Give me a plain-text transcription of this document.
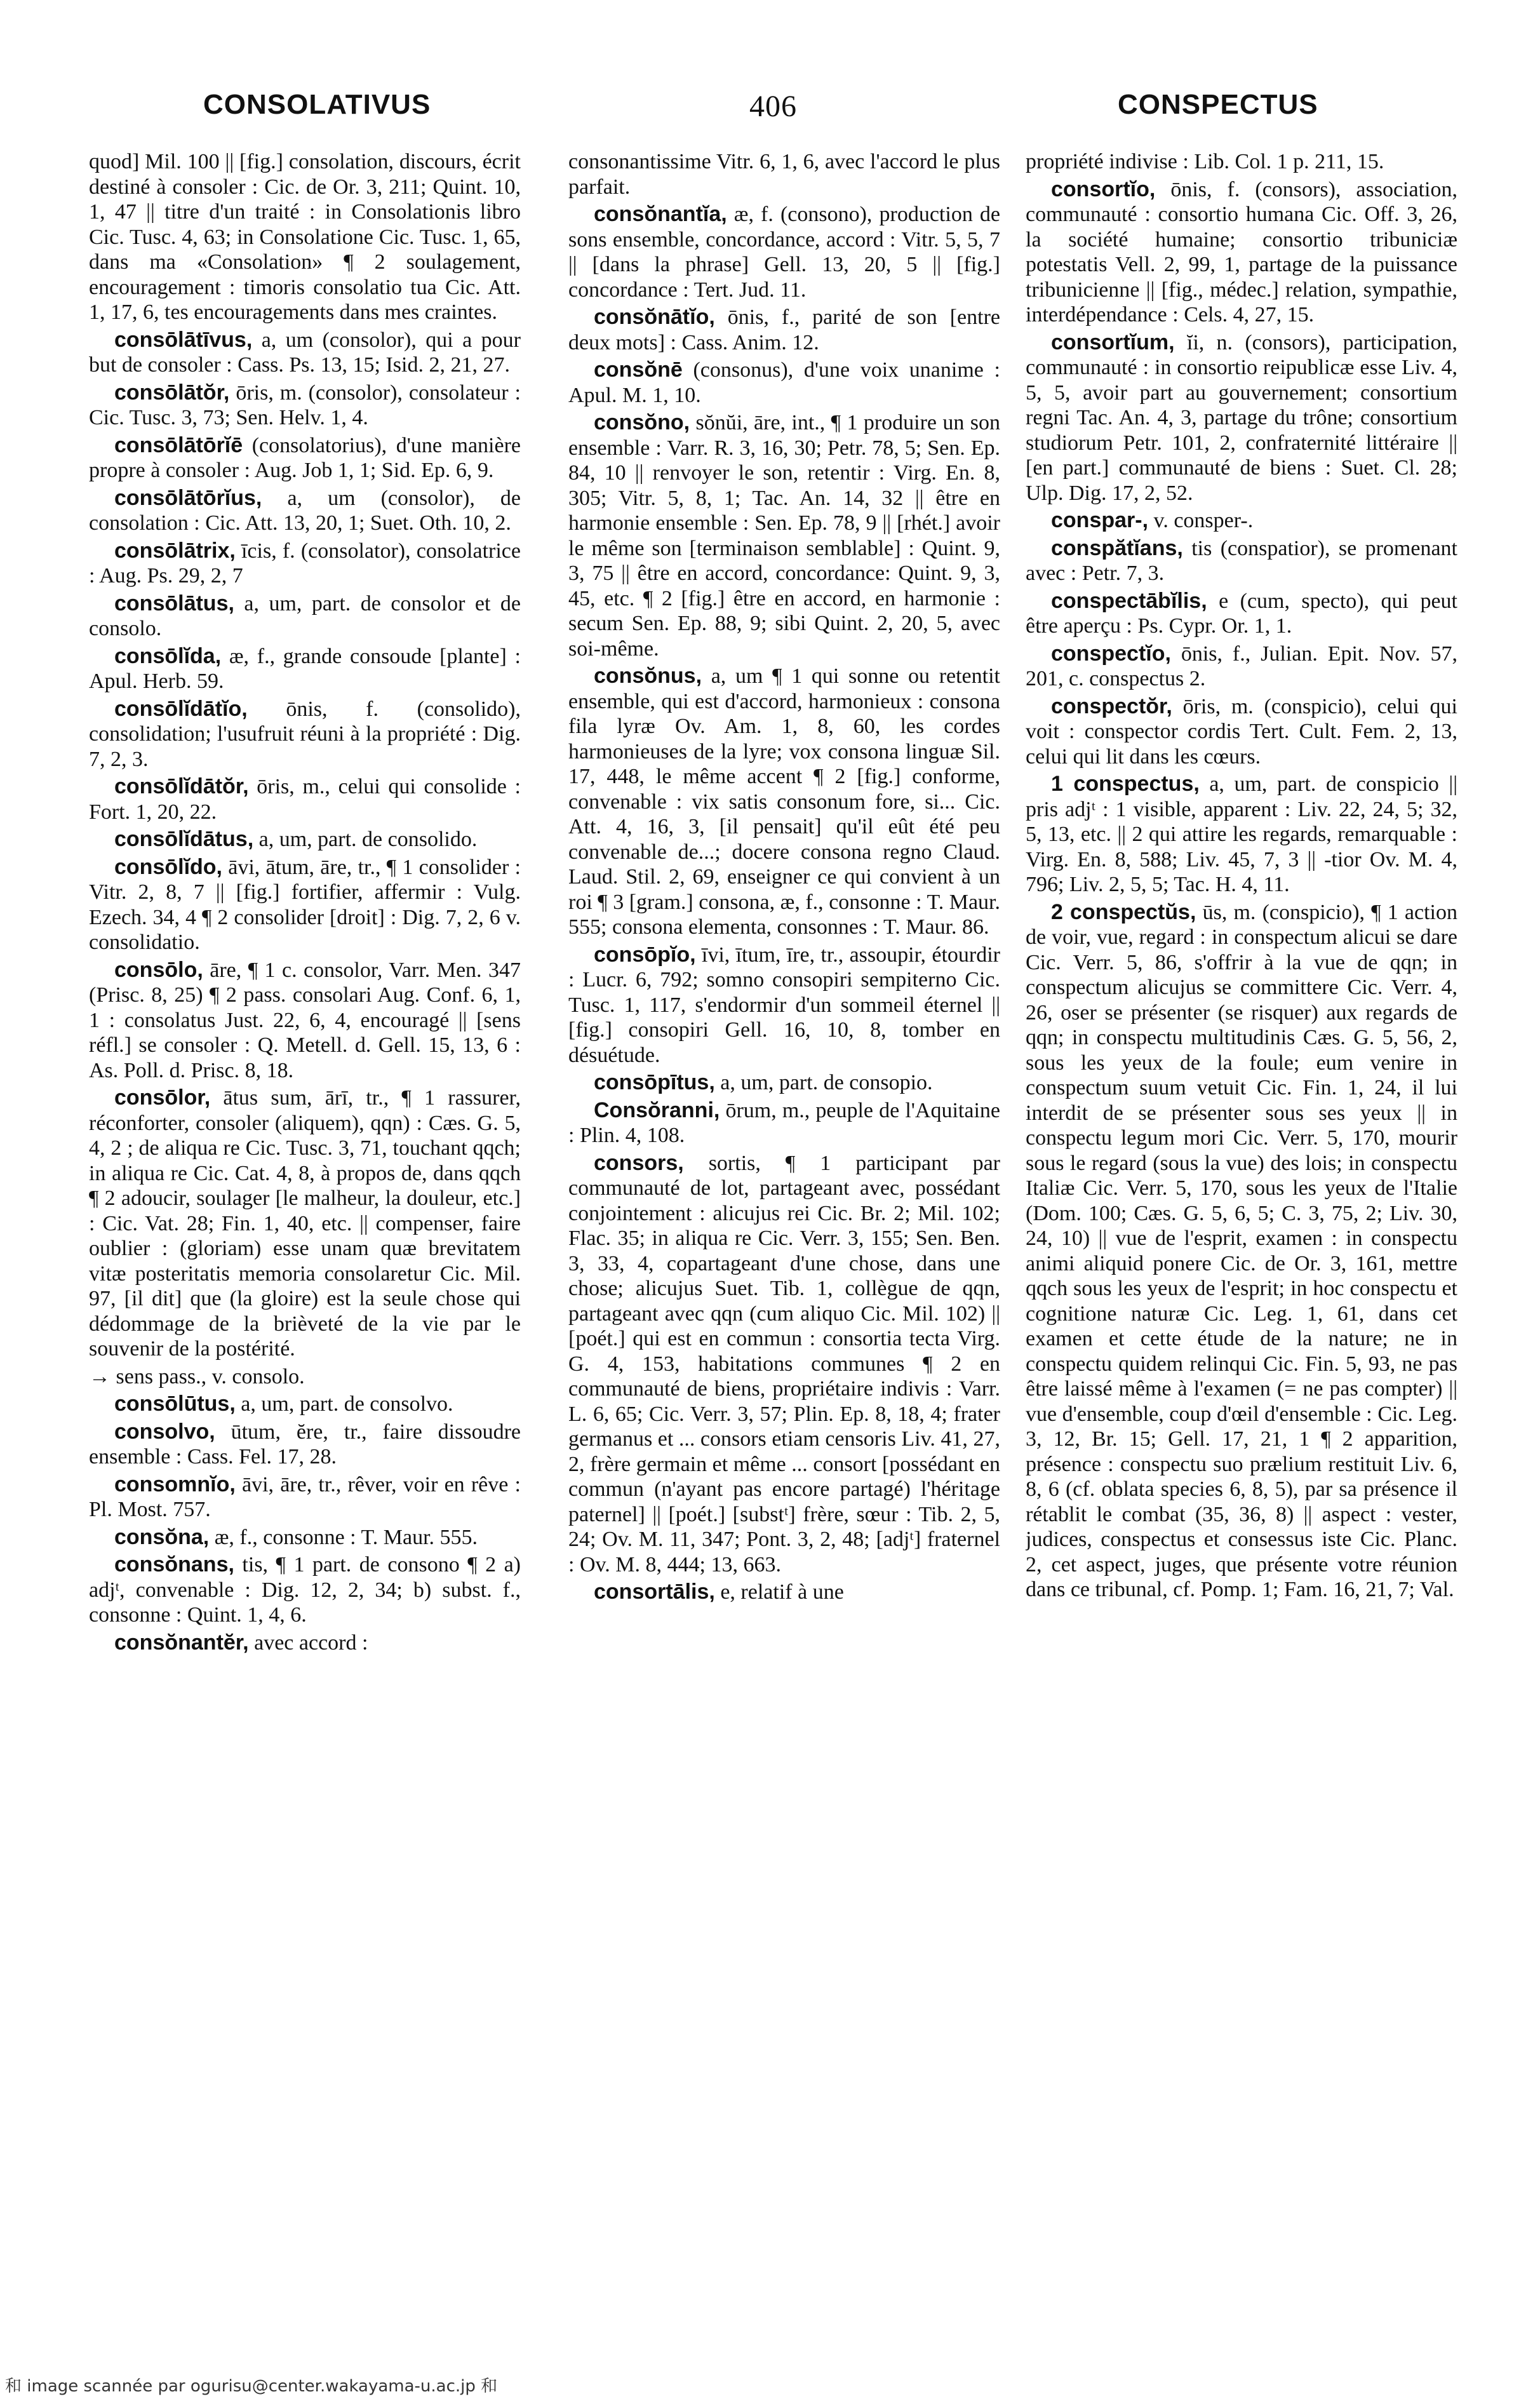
CONSOLATIVUS	406	CONSPECTUS

quod] Mil. 100 || [fig.] consolation, discours, écrit destiné à consoler : Cic. de Or. 3, 211; Quint. 10, 1, 47 || titre d'un traité : in Consolationis libro Cic. Tusc. 4, 63; in Consolatione Cic. Tusc. 1, 65, dans ma «Consolation» ¶ 2 soulagement, encouragement : timoris consolatio tua Cic. Att. 1, 17, 6, tes encouragements dans mes craintes.

consōlātīvus, a, um (consolor), qui a pour but de consoler : Cass. Ps. 13, 15; Isid. 2, 21, 27.

consōlātŏr, ōris, m. (consolor), consolateur : Cic. Tusc. 3, 73; Sen. Helv. 1, 4.

consōlātōrĭē (consolatorius), d'une manière propre à consoler : Aug. Job 1, 1; Sid. Ep. 6, 9.

consōlātōrĭus, a, um (consolor), de consolation : Cic. Att. 13, 20, 1; Suet. Oth. 10, 2.

consōlātrix, īcis, f. (consolator), consolatrice : Aug. Ps. 29, 2, 7

consōlātus, a, um, part. de consolor et de consolo.

consōlĭda, æ, f., grande consoude [plante] : Apul. Herb. 59.

consōlĭdātĭo, ōnis, f. (consolido), consolidation; l'usufruit réuni à la propriété : Dig. 7, 2, 3.

consōlĭdātŏr, ōris, m., celui qui consolide : Fort. 1, 20, 22.

consōlĭdātus, a, um, part. de consolido.

consōlĭdo, āvi, ātum, āre, tr., ¶ 1 consolider : Vitr. 2, 8, 7 || [fig.] fortifier, affermir : Vulg. Ezech. 34, 4 ¶ 2 consolider [droit] : Dig. 7, 2, 6 v. consolidatio.

consōlo, āre, ¶ 1 c. consolor, Varr. Men. 347 (Prisc. 8, 25) ¶ 2 pass. consolari Aug. Conf. 6, 1, 1 : consolatus Just. 22, 6, 4, encouragé || [sens réfl.] se consoler : Q. Metell. d. Gell. 15, 13, 6 : As. Poll. d. Prisc. 8, 18.

consōlor, ātus sum, ārī, tr., ¶ 1 rassurer, réconforter, consoler (aliquem), qqn) : Cæs. G. 5, 4, 2 ; de aliqua re Cic. Tusc. 3, 71, touchant qqch; in aliqua re Cic. Cat. 4, 8, à propos de, dans qqch ¶ 2 adoucir, soulager [le malheur, la douleur, etc.] : Cic. Vat. 28; Fin. 1, 40, etc. || compenser, faire oublier : (gloriam) esse unam quæ brevitatem vitæ posteritatis memoria consolaretur Cic. Mil. 97, [il dit] que (la gloire) est la seule chose qui dédommage de la brièveté de la vie par le souvenir de la postérité.

→ sens pass., v. consolo.

consōlūtus, a, um, part. de consolvo.

consolvo, ūtum, ĕre, tr., faire dissoudre ensemble : Cass. Fel. 17, 28.

consomnĭo, āvi, āre, tr., rêver, voir en rêve : Pl. Most. 757.

consŏna, æ, f., consonne : T. Maur. 555.

consŏnans, tis, ¶ 1 part. de consono ¶ 2 a) adjᵗ, convenable : Dig. 12, 2, 34; b) subst. f., consonne : Quint. 1, 4, 6.

consŏnantĕr, avec accord :

consonantissime Vitr. 6, 1, 6, avec l'accord le plus parfait.

consŏnantĭa, æ, f. (consono), production de sons ensemble, concordance, accord : Vitr. 5, 5, 7 || [dans la phrase] Gell. 13, 20, 5 || [fig.] concordance : Tert. Jud. 11.

consŏnātĭo, ōnis, f., parité de son [entre deux mots] : Cass. Anim. 12.

consŏnē (consonus), d'une voix unanime : Apul. M. 1, 10.

consŏno, sŏnŭi, āre, int., ¶ 1 produire un son ensemble : Varr. R. 3, 16, 30; Petr. 78, 5; Sen. Ep. 84, 10 || renvoyer le son, retentir : Virg. En. 8, 305; Vitr. 5, 8, 1; Tac. An. 14, 32 || être en harmonie ensemble : Sen. Ep. 78, 9 || [rhét.] avoir le même son [terminaison semblable] : Quint. 9, 3, 75 || être en accord, concordance: Quint. 9, 3, 45, etc. ¶ 2 [fig.] être en accord, en harmonie : secum Sen. Ep. 88, 9; sibi Quint. 2, 20, 5, avec soi-même.

consŏnus, a, um ¶ 1 qui sonne ou retentit ensemble, qui est d'accord, harmonieux : consona fila lyræ Ov. Am. 1, 8, 60, les cordes harmonieuses de la lyre; vox consona linguæ Sil. 17, 448, le même accent ¶ 2 [fig.] conforme, convenable : vix satis consonum fore, si... Cic. Att. 4, 16, 3, [il pensait] qu'il eût été peu convenable de...; docere consona regno Claud. Laud. Stil. 2, 69, enseigner ce qui convient à un roi ¶ 3 [gram.] consona, æ, f., consonne : T. Maur. 555; consona elementa, consonnes : T. Maur. 86.

consōpĭo, īvi, ītum, īre, tr., assoupir, étourdir : Lucr. 6, 792; somno consopiri sempiterno Cic. Tusc. 1, 117, s'endormir d'un sommeil éternel || [fig.] consopiri Gell. 16, 10, 8, tomber en désuétude.

consōpītus, a, um, part. de consopio.

Consŏranni, ōrum, m., peuple de l'Aquitaine : Plin. 4, 108.

consors, sortis, ¶ 1 participant par communauté de lot, partageant avec, possédant conjointement : alicujus rei Cic. Br. 2; Mil. 102; Flac. 35; in aliqua re Cic. Verr. 3, 155; Sen. Ben. 3, 33, 4, copartageant d'une chose, dans une chose; alicujus Suet. Tib. 1, collègue de qqn, partageant avec qqn (cum aliquo Cic. Mil. 102) || [poét.] qui est en commun : consortia tecta Virg. G. 4, 153, habitations communes ¶ 2 en communauté de biens, propriétaire indivis : Varr. L. 6, 65; Cic. Verr. 3, 57; Plin. Ep. 8, 18, 4; frater germanus et ... consors etiam censoris Liv. 41, 27, 2, frère germain et même ... consort [possédant en commun (n'ayant pas encore partagé) l'héritage paternel] || [poét.] [substᵗ] frère, sœur : Tib. 2, 5, 24; Ov. M. 11, 347; Pont. 3, 2, 48; [adjᵗ] fraternel : Ov. M. 8, 444; 13, 663.

consortālis, e, relatif à une

propriété indivise : Lib. Col. 1 p. 211, 15.

consortĭo, ōnis, f. (consors), association, communauté : consortio humana Cic. Off. 3, 26, la société humaine; consortio tribuniciæ potestatis Vell. 2, 99, 1, partage de la puissance tribunicienne || [fig., médec.] relation, sympathie, interdépendance : Cels. 4, 27, 15.

consortĭum, ĭi, n. (consors), participation, communauté : in consortio reipublicæ esse Liv. 4, 5, 5, avoir part au gouvernement; consortium regni Tac. An. 4, 3, partage du trône; consortium studiorum Petr. 101, 2, confraternité littéraire || [en part.] communauté de biens : Suet. Cl. 28; Ulp. Dig. 17, 2, 52.

conspar-, v. consper-.

conspătĭans, tis (conspatior), se promenant avec : Petr. 7, 3.

conspectābĭlis, e (cum, specto), qui peut être aperçu : Ps. Cypr. Or. 1, 1.

conspectĭo, ōnis, f., Julian. Epit. Nov. 57, 201, c. conspectus 2.

conspectŏr, ōris, m. (conspicio), celui qui voit : conspector cordis Tert. Cult. Fem. 2, 13, celui qui lit dans les cœurs.

1 conspectus, a, um, part. de conspicio || pris adjᵗ : 1 visible, apparent : Liv. 22, 24, 5; 32, 5, 13, etc. || 2 qui attire les regards, remarquable : Virg. En. 8, 588; Liv. 45, 7, 3 || -tior Ov. M. 4, 796; Liv. 2, 5, 5; Tac. H. 4, 11.

2 conspectŭs, ūs, m. (conspicio), ¶ 1 action de voir, vue, regard : in conspectum alicui se dare Cic. Verr. 5, 86, s'offrir à la vue de qqn; in conspectum alicujus se committere Cic. Verr. 4, 26, oser se présenter (se risquer) aux regards de qqn; in conspectu multitudinis Cæs. G. 5, 56, 2, sous les yeux de la foule; eum venire in conspectum suum vetuit Cic. Fin. 1, 24, il lui interdit de se présenter sous ses yeux || in conspectu legum mori Cic. Verr. 5, 170, mourir sous le regard (sous la vue) des lois; in conspectu Italiæ Cic. Verr. 5, 170, sous les yeux de l'Italie (Dom. 100; Cæs. G. 5, 6, 5; C. 3, 75, 2; Liv. 30, 24, 10) || vue de l'esprit, examen : in conspectu animi aliquid ponere Cic. de Or. 3, 161, mettre qqch sous les yeux de l'esprit; in hoc conspectu et cognitione naturæ Cic. Leg. 1, 61, dans cet examen et cette étude de la nature; ne in conspectu quidem relinqui Cic. Fin. 5, 93, ne pas être laissé même à l'examen (= ne pas compter) || vue d'ensemble, coup d'œil d'ensemble : Cic. Leg. 3, 12, Br. 15; Gell. 17, 21, 1 ¶ 2 apparition, présence : conspectu suo prælium restituit Liv. 6, 8, 6 (cf. oblata species 6, 8, 5), par sa présence il rétablit le combat (35, 36, 8) || aspect : vester, judices, conspectus et consessus iste Cic. Planc. 2, cet aspect, juges, que présente votre réunion dans ce tribunal, cf. Pomp. 1; Fam. 16, 21, 7; Val.

和 image scannée par ogurisu@center.wakayama-u.ac.jp 和
